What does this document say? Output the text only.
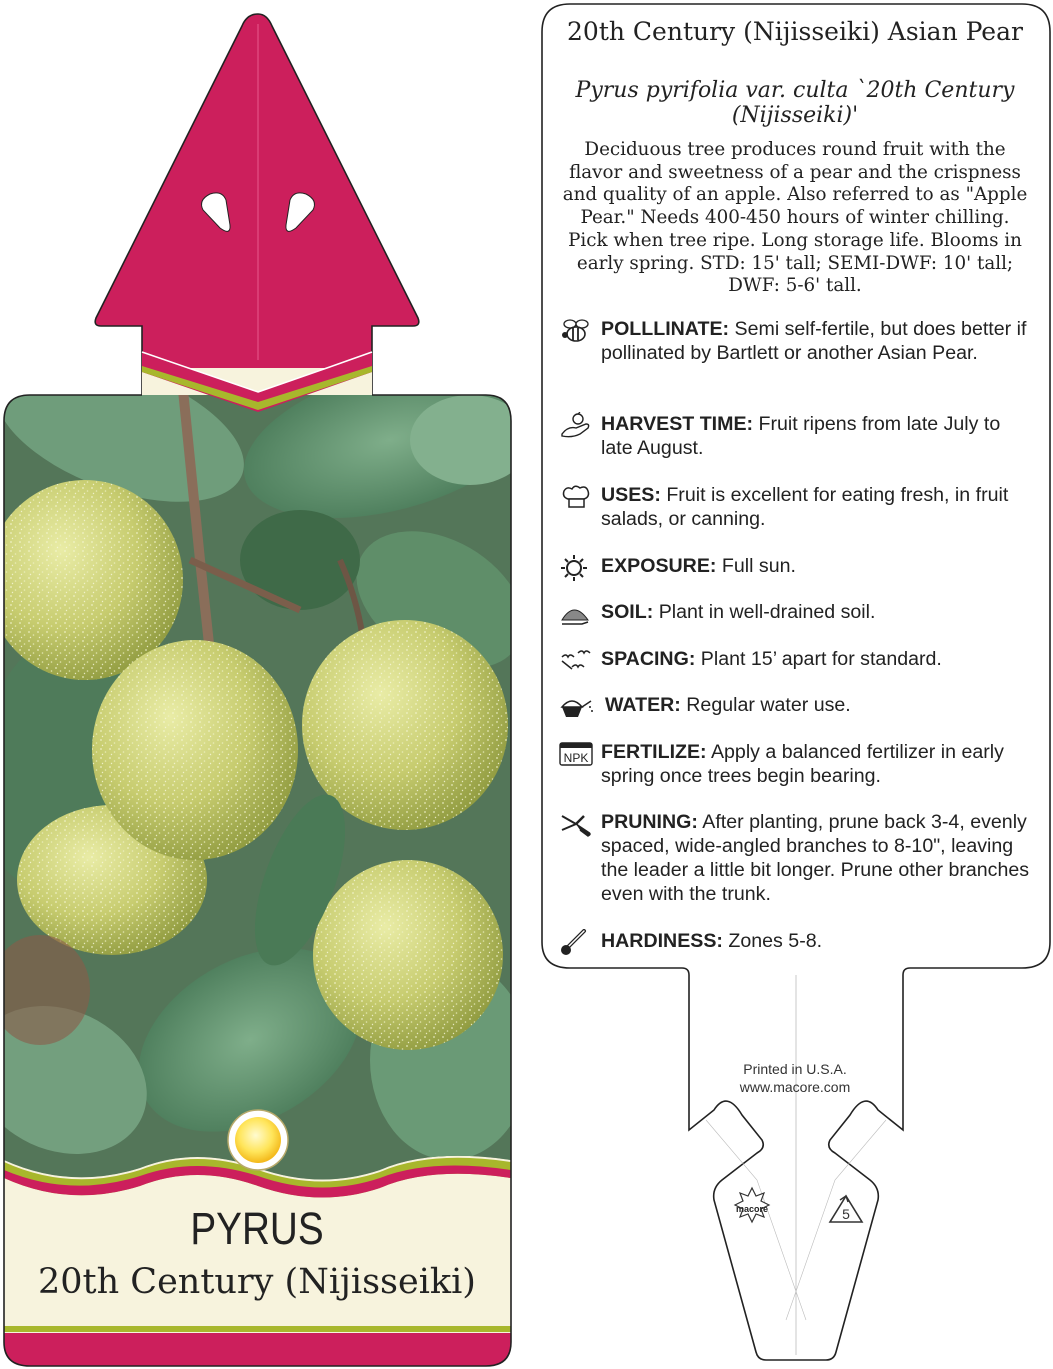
macore	5
20th Century (Nijisseiki) Asian Pear
Pyrus pyrifolia var. culta `20th Century (Nijisseiki)'
Deciduous tree produces round fruit with the flavor and sweetness of a pear and the crispness and quality of an apple. Also referred to as "Apple Pear." Needs 400-450 hours of winter chilling. Pick when tree ripe. Long storage life. Blooms in early spring. STD: 15' tall; SEMI-DWF: 10' tall; DWF: 5-6' tall.
POLLLINATE: Semi self-fertile, but does better if pollinated by Bartlett or another Asian Pear.
HARVEST TIME: Fruit ripens from late July to late August.
USES: Fruit is excellent for eating fresh, in fruit salads, or canning.
EXPOSURE: Full sun.
SOIL: Plant in well-drained soil.
SPACING: Plant 15’ apart for standard.
WATER: Regular water use.
NPK FERTILIZE: Apply a balanced fertilizer in early spring once trees begin bearing.
PRUNING: After planting, prune back 3-4, evenly spaced, wide-angled branches to 8-10", leaving the leader a little bit longer. Prune other branches even with the trunk.
HARDINESS: Zones 5-8.
Printed in U.S.A.
www.macore.com
PYRUS
20th Century (Nijisseiki)
